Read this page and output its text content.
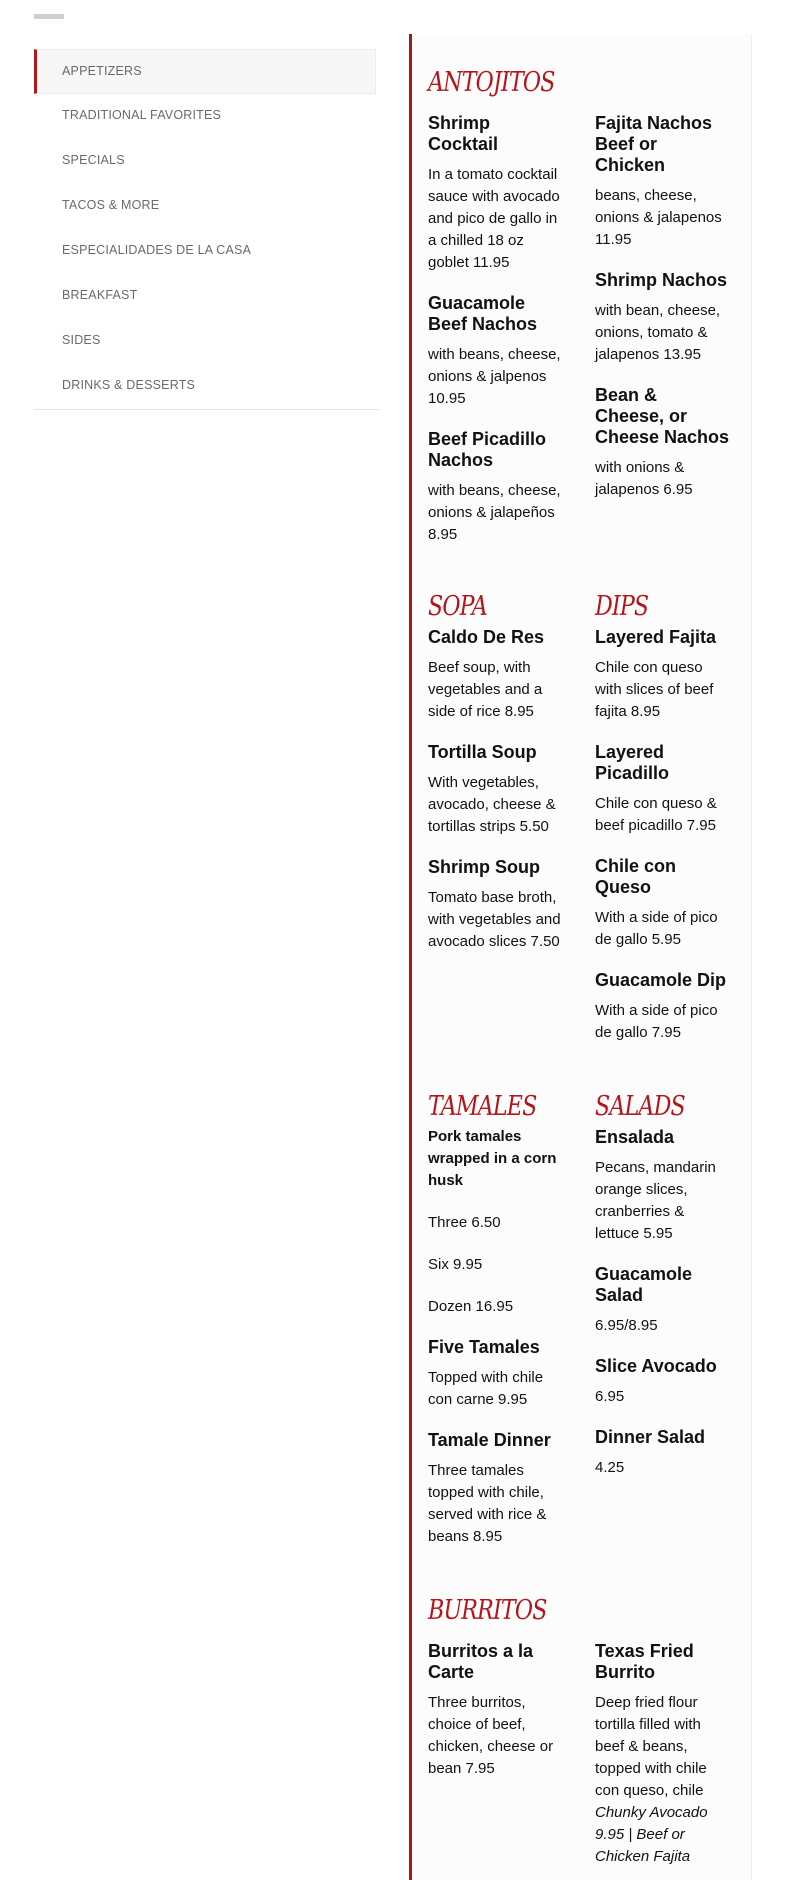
APPETIZERS
TRADITIONAL FAVORITES
SPECIALS
TACOS & MORE
ESPECIALIDADES DE LA CASA
BREAKFAST
SIDES
DRINKS & DESSERTS
ANTOJITOS
Shrimp Cocktail
In a tomato cocktail sauce with avocado and pico de gallo in a chilled 18 oz goblet 11.95
Guacamole Beef Nachos
with beans, cheese, onions & jalpenos 10.95
Beef Picadillo Nachos
with beans, cheese, onions & jalapeños 8.95
Fajita Nachos Beef or Chicken
beans, cheese, onions & jalapenos 11.95
Shrimp Nachos
with bean, cheese, onions, tomato & jalapenos 13.95
Bean & Cheese, or Cheese Nachos
with onions & jalapenos 6.95
SOPA
Caldo De Res
Beef soup, with vegetables and a side of rice 8.95
Tortilla Soup
With vegetables, avocado, cheese & tortillas strips 5.50
Shrimp Soup
Tomato base broth, with vegetables and avocado slices 7.50
DIPS
Layered Fajita
Chile con queso with slices of beef fajita 8.95
Layered Picadillo
Chile con queso & beef picadillo 7.95
Chile con Queso
With a side of pico de gallo 5.95
Guacamole Dip
With a side of pico de gallo 7.95
TAMALES
Pork tamales wrapped in a corn husk
Three 6.50
Six 9.95
Dozen 16.95
Five Tamales
Topped with chile con carne 9.95
Tamale Dinner
Three tamales topped with chile, served with rice & beans 8.95
SALADS
Ensalada
Pecans, mandarin orange slices, cranberries & lettuce 5.95
Guacamole Salad
6.95/8.95
Slice Avocado
6.95
Dinner Salad
4.25
BURRITOS
Burritos a la Carte
Three burritos, choice of beef, chicken, cheese or bean 7.95
Texas Fried Burrito
Deep fried flour tortilla filled with beef & beans, topped with chile con queso, chile
Chunky Avocado 9.95 | Beef or Chicken Fajita
